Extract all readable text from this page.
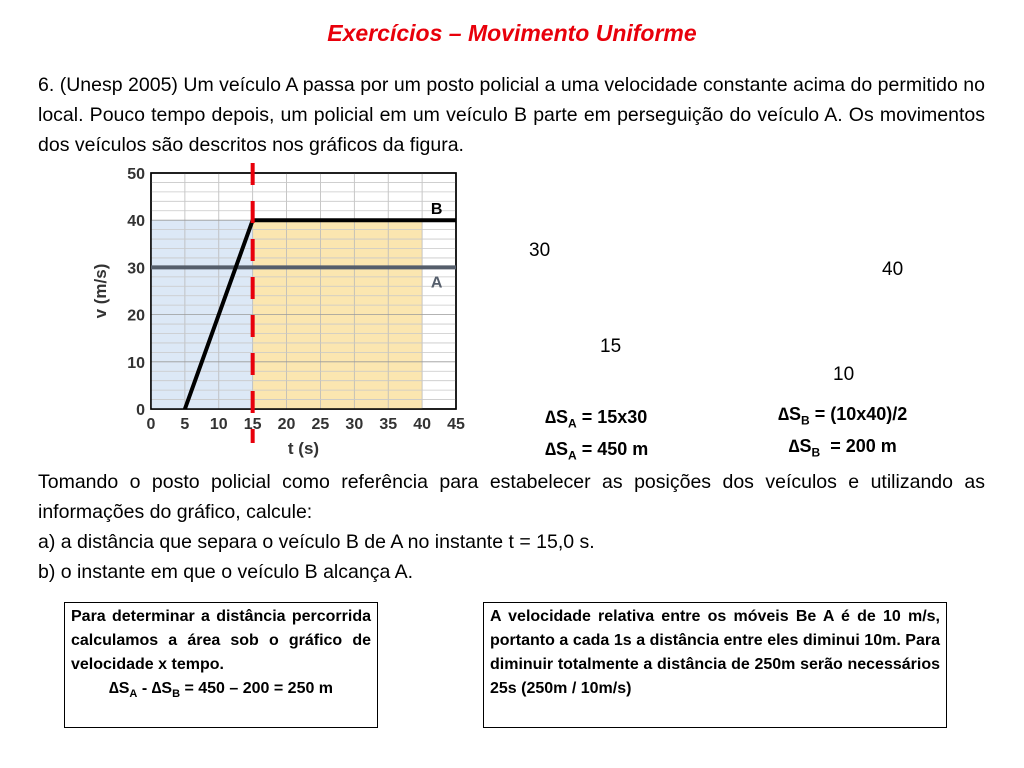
Exercícios – Movimento Uniforme
6. (Unesp 2005) Um veículo A passa por um posto policial a uma velocidade constante acima do permitido no local. Pouco tempo depois, um policial em um veículo B parte em perseguição do veículo A. Os movimentos dos veículos são descritos nos gráficos da figura.
A
B
0 5 10 15 20 25 30 35 40 45
0
10
20
30
40
50
t (s)
v (m/s)
30
15
40
10
$\Delta S_A = 15x30$
$\Delta S_A = 450$ m
$\Delta S_B = (10x40)/2$
$\Delta S_B = 200$ m
Tomando o posto policial como referência para estabelecer as posições dos veículos e utilizando as informações do gráfico, calcule:
a) a distância que separa o veículo B de A no instante t = 15,0 s.
b) o instante em que o veículo B alcança A.

Para determinar a distância percorrida calculamos a área sob o gráfico de velocidade x tempo.

$\Delta S_A - \Delta S_B = 450 - 200 = 250$ m

A velocidade relativa entre os móveis Be A é de 10 m/s, portanto a cada 1s a distância entre eles diminui 10m. Para diminuir totalmente a distância de 250m serão necessários 25s (250m / 10m/s)
